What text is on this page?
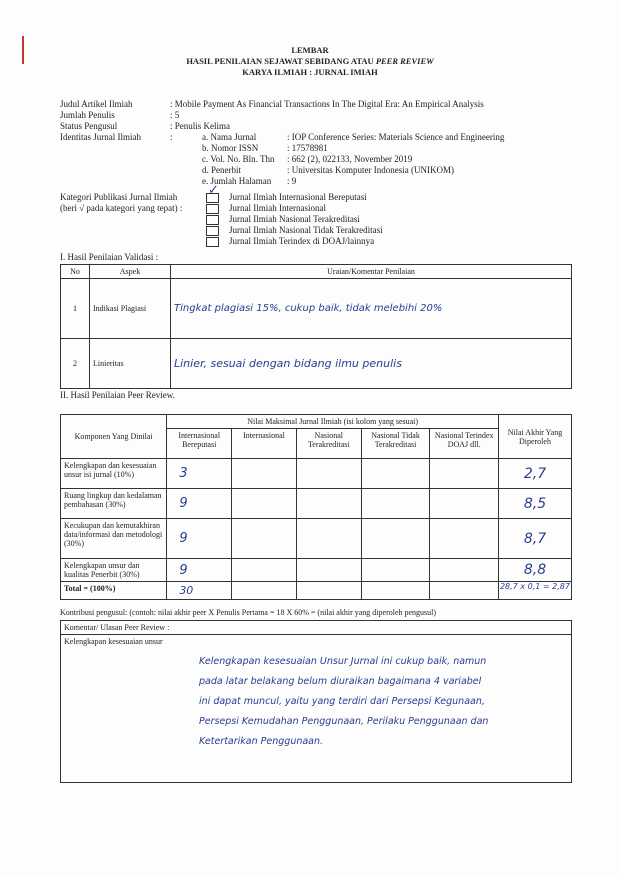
LEMBAR
HASIL PENILAIAN SEJAWAT SEBIDANG ATAU PEER REVIEW
KARYA ILMIAH : JURNAL IMIAH
Judul Artikel Ilmiah	: Mobile Payment As Financial Transactions In The Digital Era: An Empirical Analysis
Jumlah Penulis	: 5
Status Pengusul	: Penulis Kelima
Identitas Jurnal Ilmiah	:	a. Nama Jurnal	: IOP Conference Series: Materials Science and Engineering
b. Nomor ISSN	: 17578981
c. Vol. No. Bln. Thn : 662 (2), 022133, November 2019
d. Penerbit	: Universitas Komputer Indonesia (UNIKOM)
e. Jumlah Halaman : 9
Kategori Publikasi Jurnal Ilmiah
(beri √ pada kategori yang tepat) :
✓ Jurnal Ilmiah Internasional Bereputasi
Jurnal Ilmiah Internasional
Jurnal Ilmiah Nasional Terakreditasi
Jurnal Ilmiah Nasional Tidak Terakreditasi
Jurnal Ilmiah Terindex di DOAJ/lainnya
I. Hasil Penilaian Validasi :
No	Aspek	Uraian/Komentar Penilaian
1	Indikasi Plagiasi	Tingkat plagiasi 15%, cukup baik, tidak melebihi 20%
2	Linieritas	Linier, sesuai dengan bidang ilmu penulis
II. Hasil Penilaian Peer Review.
Komponen Yang Dinilai	Nilai Maksimal Jurnal Ilmiah (isi kolom yang sesuai)					Nilai Akhir Yang Diperoleh
	Internasional Bereputasi	Internasional	Nasional Terakreditasi	Nasional Tidak Terakreditasi	Nasional Terindex DOAJ dll.	
Kelengkapan dan kesesuaian unsur isi jurnal (10%)	3					2,7
Ruang lingkup dan kedalaman pembahasan (30%)	9					8,5
Kecukupan dan kemutakhiran data/informasi dan metodologi (30%)	9					8,7
Kelengkapan unsur dan kualitas Penerbit (30%)	9					8,8
Total = (100%)	30					28,7 x 0,1 = 2,87
Kontribusi pengusul: (contoh: nilai akhir peer X Penulis Pertama = 18 X 60% = (nilai akhir yang diperoleh pengusul)
Komentar/ Ulasan Peer Review :

Kelengkapan kesesuaian unsur
Kelengkapan kesesuaian Unsur Jurnal ini cukup baik, namun
pada latar belakang belum diuraikan bagaimana 4 variabel
ini dapat muncul, yaitu yang terdiri dari Persepsi Kegunaan,
Persepsi Kemudahan Penggunaan, Perilaku Penggunaan dan
Ketertarikan Penggunaan.
